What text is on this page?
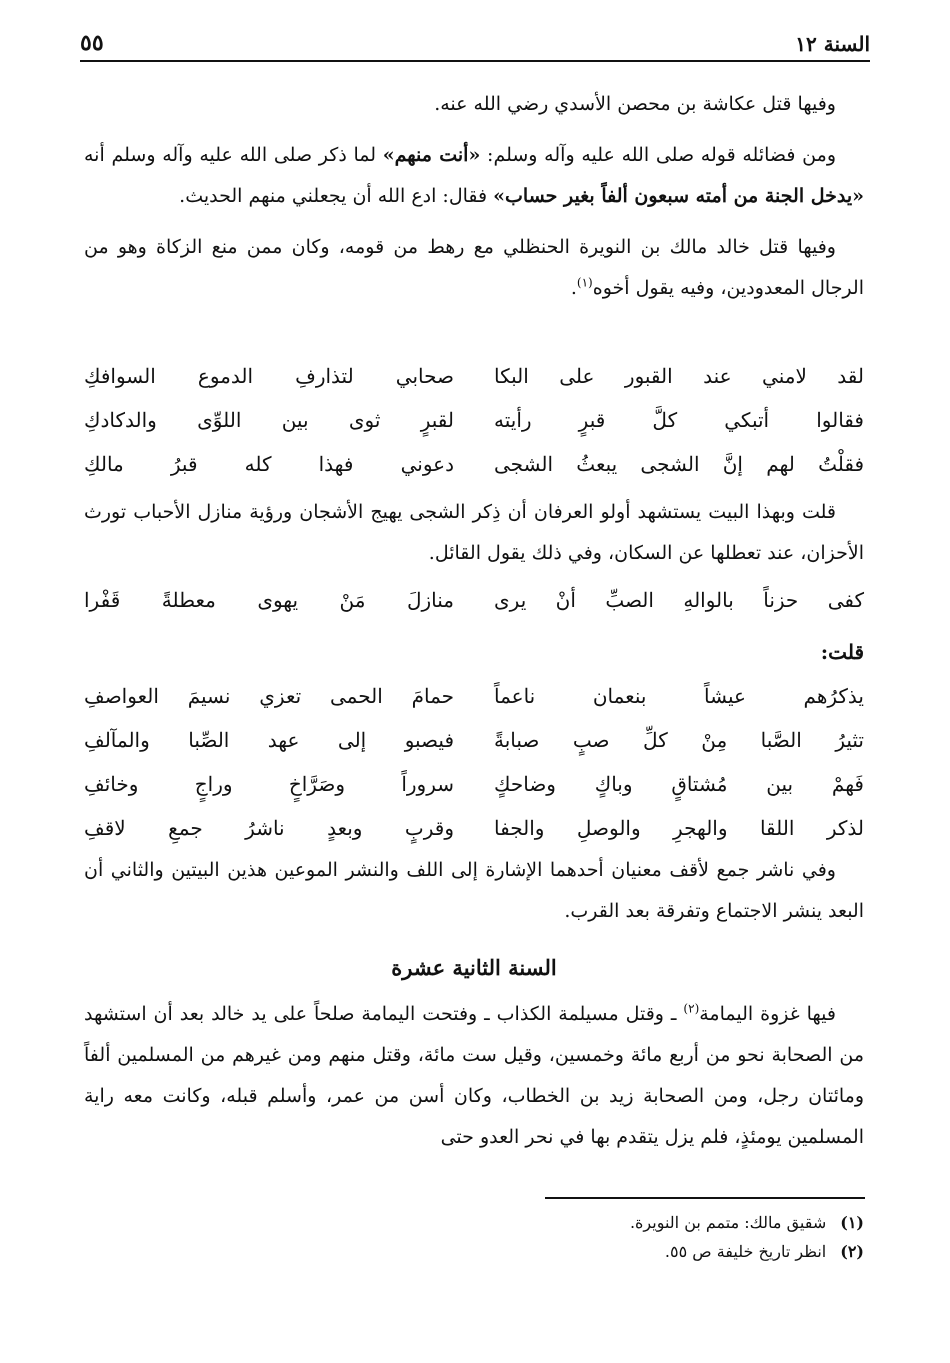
السنة ١٢
٥٥

وفيها قتل عكاشة بن محصن الأسدي رضي الله عنه.

ومن فضائله قوله صلى الله عليه وآله وسلم: «أنت منهم» لما ذكر صلى الله عليه وآله وسلم أنه «يدخل الجنة من أمته سبعون ألفاً بغير حساب» فقال: ادع الله أن يجعلني منهم الحديث.

وفيها قتل خالد مالك بن النويرة الحنظلي مع رهط من قومه، وكان ممن منع الزكاة وهو من الرجال المعدودين، وفيه يقول أخوه$^{(١)}$.

لقد لامني عند القبور على البكا
صحابي لتذارفِ الدموع السوافكِ
فقالوا أتبكي كلَّ قبرٍ رأيته
لقبرٍ ثوى بين اللوِّى والدكادكِ
فقلْتُ لهم إنَّ الشجى يبعثُ الشجى
دعوني فهذا كله قبرُ مالكِ

قلت وبهذا البيت يستشهد أولو العرفان أن ذِكر الشجى يهيج الأشجان ورؤية منازل الأحباب تورث الأحزان، عند تعطلها عن السكان، وفي ذلك يقول القائل.

كفى حزناً بالوالهِ الصبِّ أنْ يرى
منازلَ مَنْ يهوى معطلةً قَفْرا
قلت:
يذكرُهم عيشاً بنعمان ناعماً
حمامَ الحمى تعزي نسيمَ العواصفِ
تثيرُ الصَّبا مِنْ كلِّ صبٍ صبابةً
فيصبو إلى عهد الصِّبا والمآلفِ
فَهمْ بين مُشتاقٍ وباكٍ وضاحكٍ
سروراً وصَرَّاخٍ وراجٍ وخائفِ
لذكر اللقا والهجرِ والوصلِ والجفا
وقربٍ وبعدٍ ناشرُ جمعِ لاقفِ

وفي ناشر جمع لأقف معنيان أحدهما الإشارة إلى اللف والنشر الموعين هذين البيتين والثاني أن البعد ينشر الاجتماع وتفرقة بعد القرب.

السنة الثانية عشرة

فيها غزوة اليمامة$^{(٢)}$ ـ وقتل مسيلمة الكذاب ـ وفتحت اليمامة صلحاً على يد خالد بعد أن استشهد من الصحابة نحو من أربع مائة وخمسين، وقيل ست مائة، وقتل منهم ومن غيرهم من المسلمين ألفاً ومائتان رجل، ومن الصحابة زيد بن الخطاب، وكان أسن من عمر، وأسلم قبله، وكانت معه راية المسلمين يومئذٍ، فلم يزل يتقدم بها في نحر العدو حتى

(١)
شقيق مالك: متمم بن النويرة.
(٢)
انظر تاريخ خليفة ص ٥٥.
